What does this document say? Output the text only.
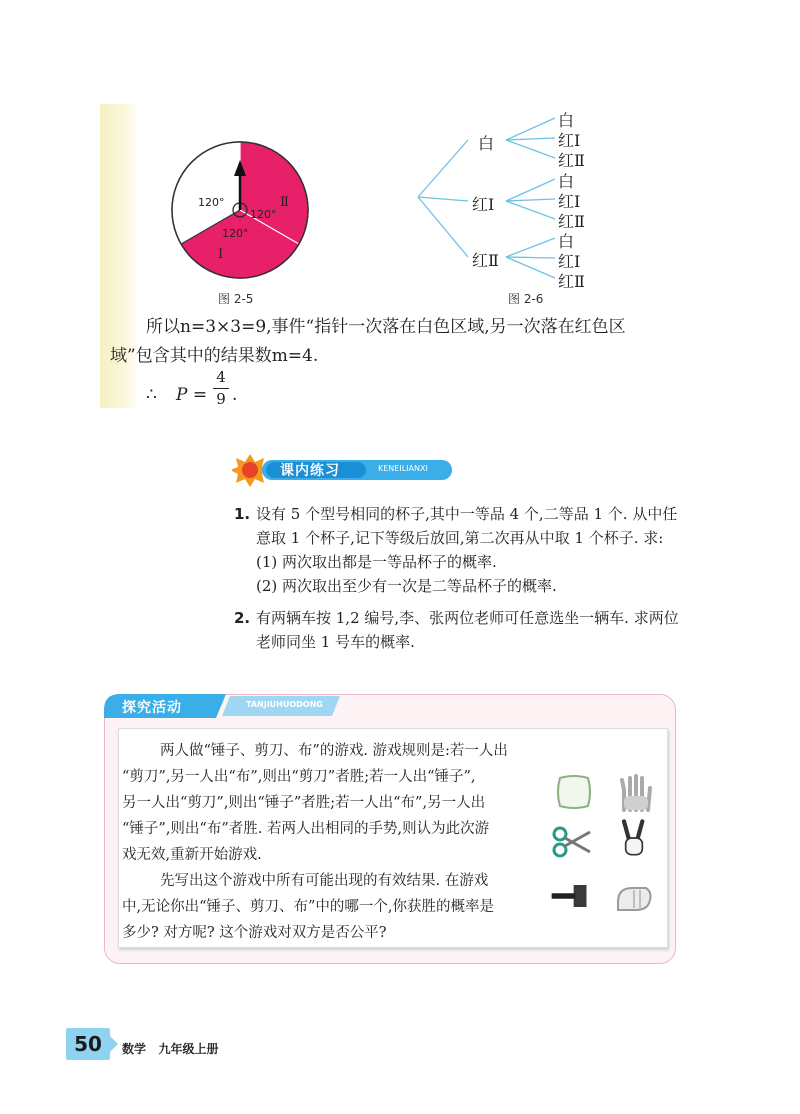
120°
120°
120°
Ⅱ
Ⅰ
图 2-5
白
红Ⅰ
红Ⅱ
白
红Ⅰ
红Ⅱ
白
红Ⅰ
红Ⅱ
白
红Ⅰ
红Ⅱ
图 2-6
所以n=3×3=9,事件“指针一次落在白色区域,另一次落在红色区
域”包含其中的结果数m=4.
∴ P =
4
9 .
课内练习	KENEILIANXI
1. 设有 5 个型号相同的杯子,其中一等品 4 个,二等品 1 个. 从中任
意取 1 个杯子,记下等级后放回,第二次再从中取 1 个杯子. 求:
(1) 两次取出都是一等品杯子的概率.
(2) 两次取出至少有一次是二等品杯子的概率.
2. 有两辆车按 1,2 编号,李、张两位老师可任意选坐一辆车. 求两位
老师同坐 1 号车的概率.
探究活动	TANJIUHUODONG
两人做“锤子、剪刀、布”的游戏. 游戏规则是:若一人出
“剪刀”,另一人出“布”,则出“剪刀”者胜;若一人出“锤子”,
另一人出“剪刀”,则出“锤子”者胜;若一人出“布”,另一人出
“锤子”,则出“布”者胜. 若两人出相同的手势,则认为此次游
戏无效,重新开始游戏.
先写出这个游戏中所有可能出现的有效结果. 在游戏
中,无论你出“锤子、剪刀、布”中的哪一个,你获胜的概率是
多少? 对方呢? 这个游戏对双方是否公平?
50	数学   九年级上册
